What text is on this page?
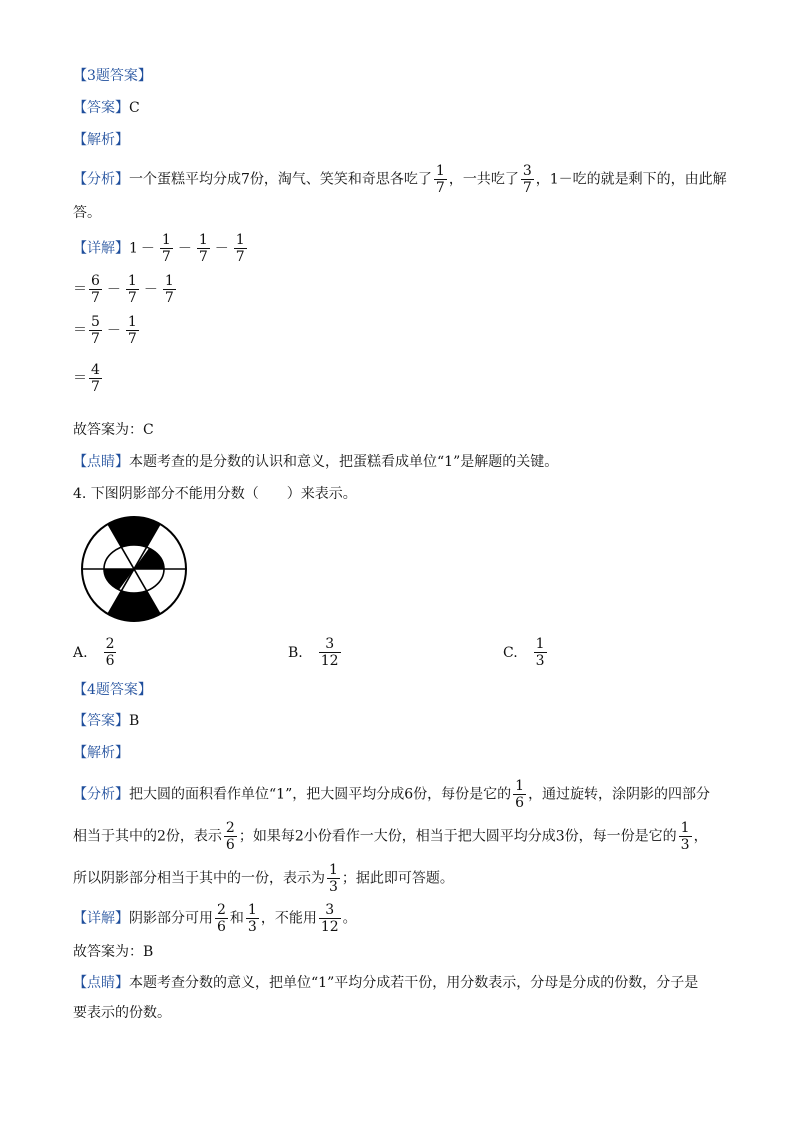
【3题答案】
【答案】C
【解析】
【分析】一个蛋糕平均分成7份，淘气、笑笑和奇思各吃了 $\frac{1}{7}$ ，一共吃了 $\frac{3}{7}$ ，1－吃的就是剩下的，由此解
答。
【详解】$1 - \frac{1}{7} - \frac{1}{7} - \frac{1}{7}$
＝ $\frac{6}{7} - \frac{1}{7} - \frac{1}{7}$
＝ $\frac{5}{7} - \frac{1}{7}$
＝ $\frac{4}{7}$
故答案为：C
【点睛】本题考查的是分数的认识和意义，把蛋糕看成单位“1”是解题的关键。
4. 下图阴影部分不能用分数（　　）来表示。
A. $\frac{2}{6}$	B. $\frac{3}{12}$	C. $\frac{1}{3}$
【4题答案】
【答案】B
【解析】
【分析】把大圆的面积看作单位“1”，把大圆平均分成6份，每份是它的 $\frac{1}{6}$ ，通过旋转，涂阴影的四部分
相当于其中的2份，表示 $\frac{2}{6}$ ；如果每2小份看作一大份，相当于把大圆平均分成3份，每一份是它的 $\frac{1}{3}$ ，
所以阴影部分相当于其中的一份，表示为 $\frac{1}{3}$ ；据此即可答题。
【详解】阴影部分可用 $\frac{2}{6}$ 和 $\frac{1}{3}$ ，不能用 $\frac{3}{12}$ 。
故答案为：B
【点睛】本题考查分数的意义，把单位“1”平均分成若干份，用分数表示，分母是分成的份数，分子是
要表示的份数。
